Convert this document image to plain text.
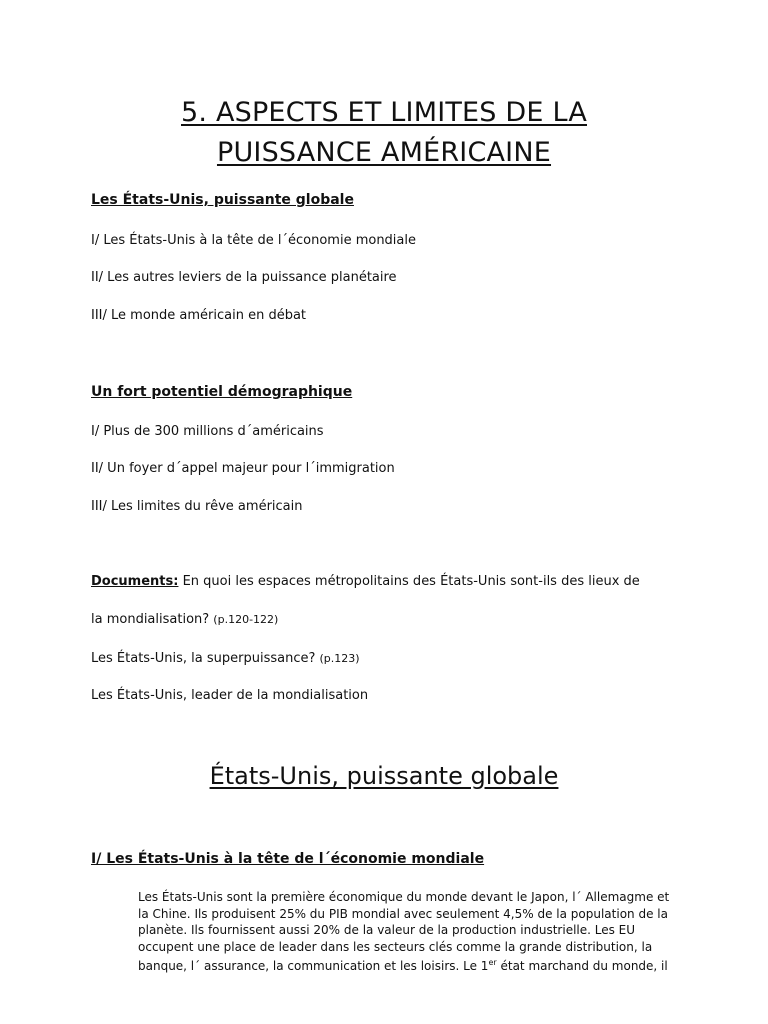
5. ASPECTS ET LIMITES DE LA
PUISSANCE AMÉRICAINE

Les États-Unis, puissante globale

I/ Les États-Unis à la tête de l´économie mondiale

II/ Les autres leviers de la puissance planétaire

III/ Le monde américain en débat

Un fort potentiel démographique

I/ Plus de 300 millions d´américains

II/ Un foyer d´appel majeur pour l´immigration

III/ Les limites du rêve américain

Documents: En quoi les espaces métropolitains des États-Unis sont-ils des lieux de

la mondialisation? (p.120-122)

Les États-Unis, la superpuissance? (p.123)

Les États-Unis, leader de la mondialisation

États-Unis, puissante globale

I/ Les États-Unis à la tête de l´économie mondiale

Les États-Unis sont la première économique du monde devant le Japon, l´ Allemagme et la Chine. Ils produisent 25% du PIB mondial avec seulement 4,5% de la population de la planète. Ils fournissent aussi 20% de la valeur de la production industrielle. Les EU occupent une place de leader dans les secteurs clés comme la grande distribution, la banque, l´ assurance, la communication et les loisirs. Le 1er état marchand du monde, il
